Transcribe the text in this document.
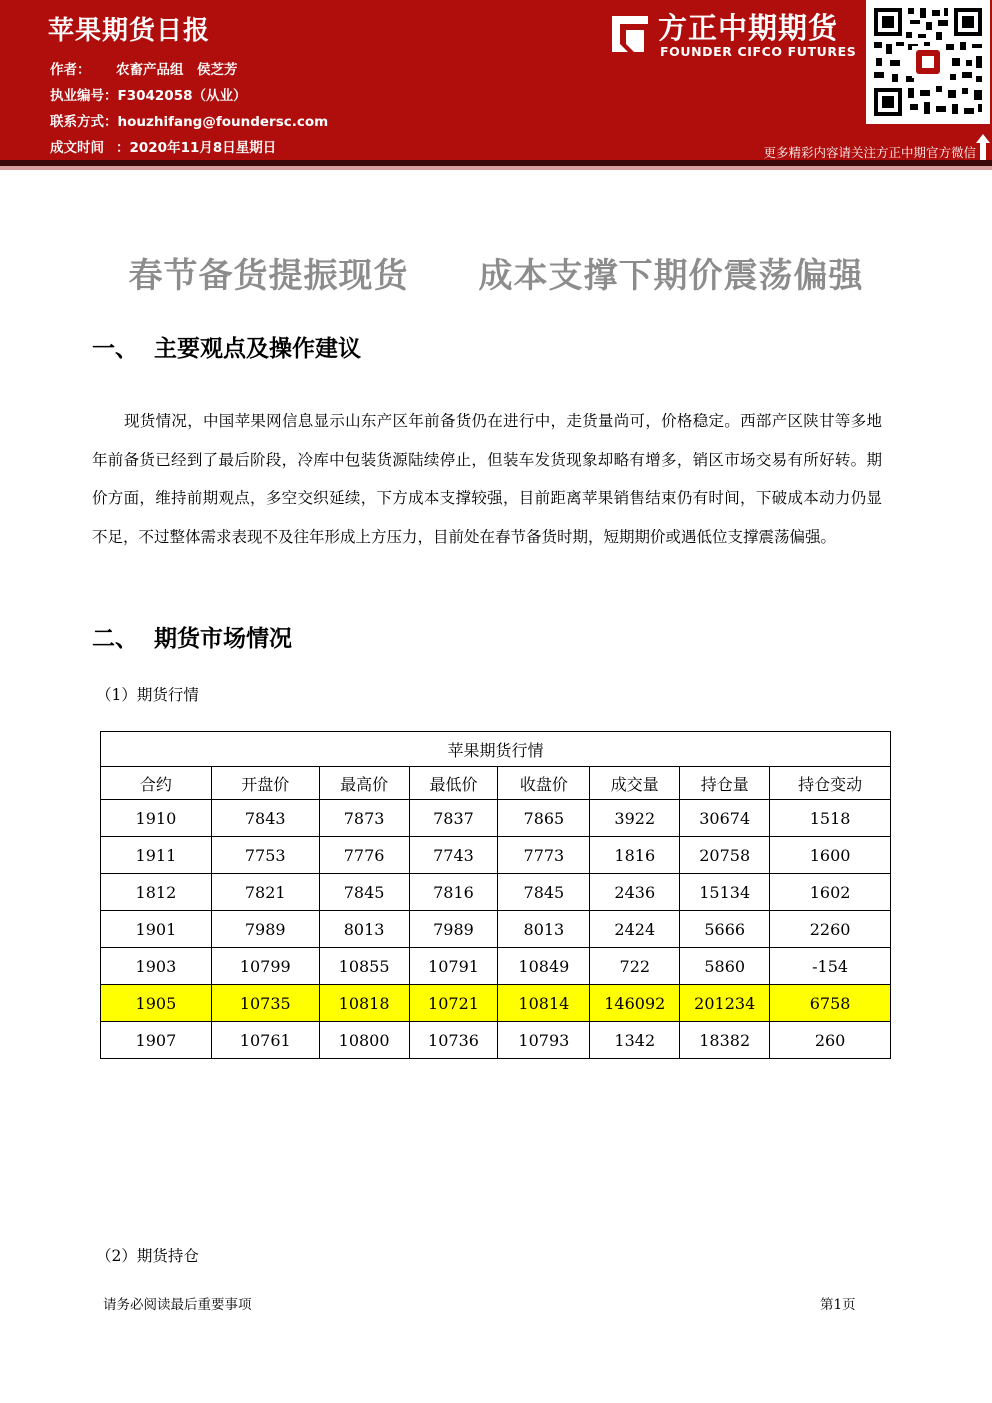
苹果期货日报
作者： 农畜产品组　侯芝芳
执业编号：F3042058（从业）
联系方式：houzhifang@foundersc.com
成文时间 ：2020年11月8日星期日
方正中期期货
FOUNDER CIFCO FUTURES
更多精彩内容请关注方正中期官方微信
春节备货提振现货 成本支撑下期价震荡偏强
一、 主要观点及操作建议
现货情况，中国苹果网信息显示山东产区年前备货仍在进行中，走货量尚可，价格稳定。西部产区陕甘等多地年前备货已经到了最后阶段，冷库中包装货源陆续停止，但装车发货现象却略有增多，销区市场交易有所好转。期价方面，维持前期观点，多空交织延续，下方成本支撑较强，目前距离苹果销售结束仍有时间，下破成本动力仍显不足，不过整体需求表现不及往年形成上方压力，目前处在春节备货时期，短期期价或遇低位支撑震荡偏强。
二、 期货市场情况
（1）期货行情
苹果期货行情							
合约	开盘价	最高价	最低价	收盘价	成交量	持仓量	持仓变动
1910	7843	7873	7837	7865	3922	30674	1518
1911	7753	7776	7743	7773	1816	20758	1600
1812	7821	7845	7816	7845	2436	15134	1602
1901	7989	8013	7989	8013	2424	5666	2260
1903	10799	10855	10791	10849	722	5860	-154
1905	10735	10818	10721	10814	146092	201234	6758
1907	10761	10800	10736	10793	1342	18382	260
（2）期货持仓
请务必阅读最后重要事项	第1页
